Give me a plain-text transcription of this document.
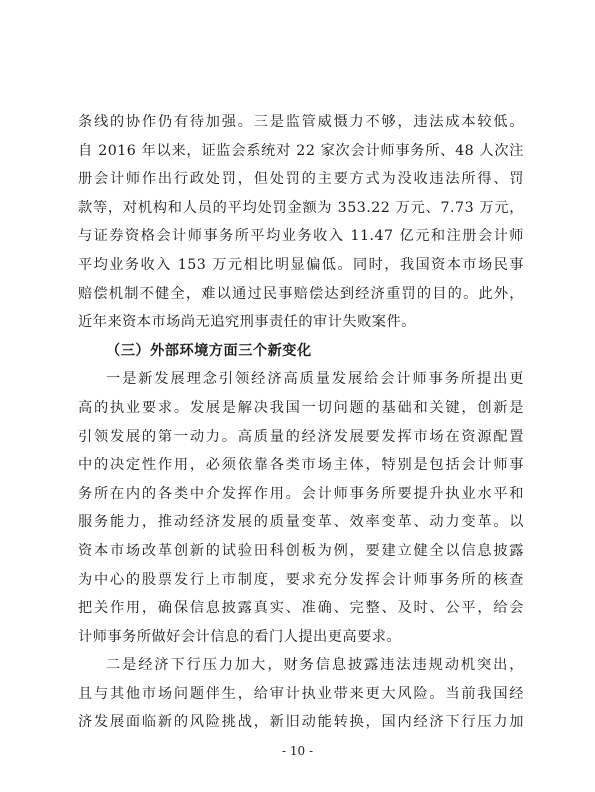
条线的协作仍有待加强。三是监管威慑力不够，违法成本较低。
自 2016 年以来，证监会系统对 22 家次会计师事务所、48 人次注
册会计师作出行政处罚，但处罚的主要方式为没收违法所得、罚
款等，对机构和人员的平均处罚金额为 353.22 万元、7.73 万元，
与证券资格会计师事务所平均业务收入 11.47 亿元和注册会计师
平均业务收入 153 万元相比明显偏低。同时，我国资本市场民事
赔偿机制不健全，难以通过民事赔偿达到经济重罚的目的。此外，
近年来资本市场尚无追究刑事责任的审计失败案件。
（三）外部环境方面三个新变化
一是新发展理念引领经济高质量发展给会计师事务所提出更
高的执业要求。发展是解决我国一切问题的基础和关键，创新是
引领发展的第一动力。高质量的经济发展要发挥市场在资源配置
中的决定性作用，必须依靠各类市场主体，特别是包括会计师事
务所在内的各类中介发挥作用。会计师事务所要提升执业水平和
服务能力，推动经济发展的质量变革、效率变革、动力变革。以
资本市场改革创新的试验田科创板为例，要建立健全以信息披露
为中心的股票发行上市制度，要求充分发挥会计师事务所的核查
把关作用，确保信息披露真实、准确、完整、及时、公平，给会
计师事务所做好会计信息的看门人提出更高要求。
二是经济下行压力加大，财务信息披露违法违规动机突出，
且与其他市场问题伴生，给审计执业带来更大风险。当前我国经
济发展面临新的风险挑战，新旧动能转换，国内经济下行压力加
- 10 -
